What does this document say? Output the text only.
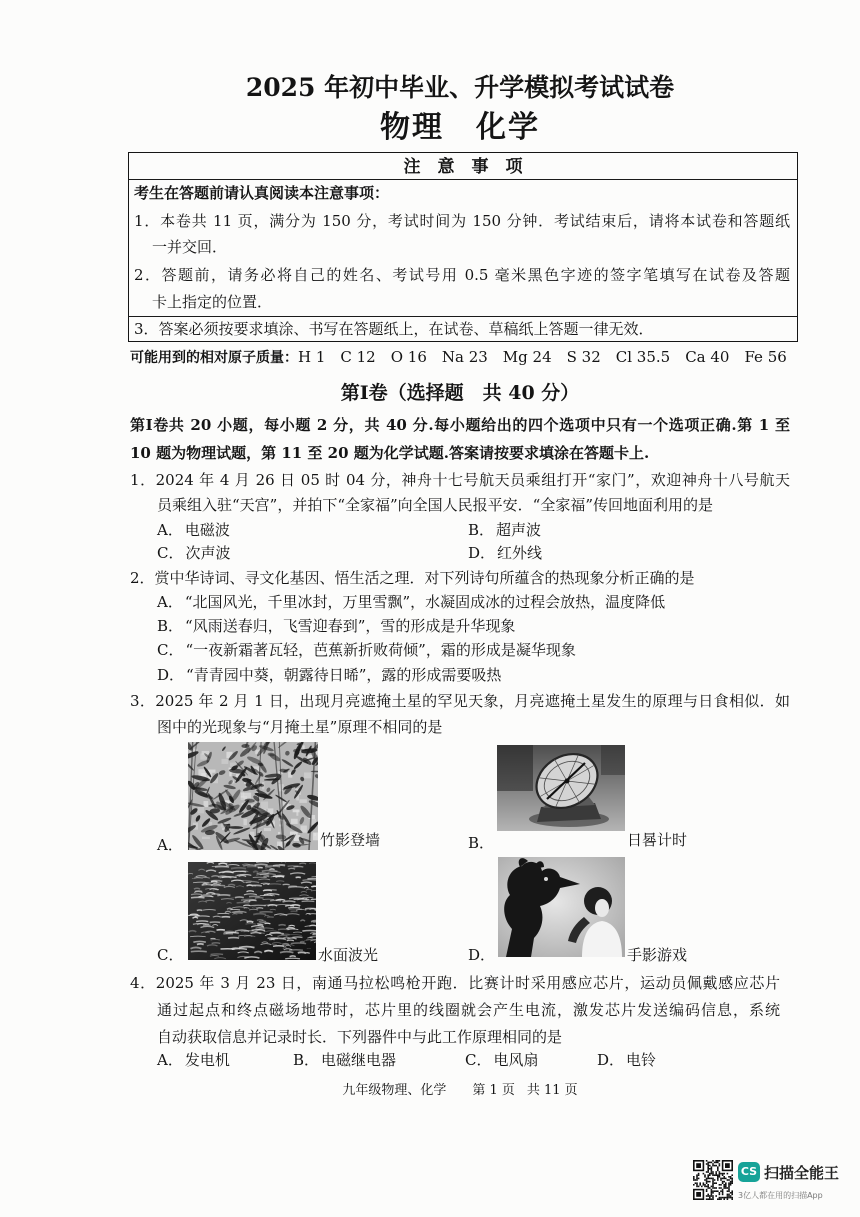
2025 年初中毕业、升学模拟考试试卷
物理　化学
注　意　事　项
考生在答题前请认真阅读本注意事项：
1．本卷共 11 页，满分为 150 分，考试时间为 150 分钟．考试结束后，请将本试卷和答题纸
一并交回．
2．答题前，请务必将自己的姓名、考试号用 0.5 毫米黑色字迹的签字笔填写在试卷及答题
卡上指定的位置．
3．答案必须按要求填涂、书写在答题纸上，在试卷、草稿纸上答题一律无效．
可能用到的相对原子质量：H 1　C 12　O 16　Na 23　Mg 24　S 32　Cl 35.5　Ca 40　Fe 56
第Ⅰ卷（选择题　共 40 分）
第Ⅰ卷共 20 小题，每小题 2 分，共 40 分.每小题给出的四个选项中只有一个选项正确.第 1 至
10 题为物理试题，第 11 至 20 题为化学试题.答案请按要求填涂在答题卡上.
1．2024 年 4 月 26 日 05 时 04 分，神舟十七号航天员乘组打开“家门”，欢迎神舟十八号航天
员乘组入驻“天宫”，并拍下“全家福”向全国人民报平安．“全家福”传回地面利用的是
A． 电磁波	B． 超声波
C． 次声波	D． 红外线
2．赏中华诗词、寻文化基因、悟生活之理．对下列诗句所蕴含的热现象分析正确的是
A． “北国风光，千里冰封，万里雪飘”，水凝固成冰的过程会放热，温度降低
B． “风雨送春归，飞雪迎春到”，雪的形成是升华现象
C． “一夜新霜著瓦轻，芭蕉新折败荷倾”，霜的形成是凝华现象
D． “青青园中葵，朝露待日晞”，露的形成需要吸热
3．2025 年 2 月 1 日，出现月亮遮掩土星的罕见天象，月亮遮掩土星发生的原理与日食相似．如
图中的光现象与“月掩土星”原理不相同的是
A．	竹影登墙	B．	日晷计时
C．	水面波光	D．	手影游戏
4．2025 年 3 月 23 日，南通马拉松鸣枪开跑．比赛计时采用感应芯片，运动员佩戴感应芯片
通过起点和终点磁场地带时，芯片里的线圈就会产生电流，激发芯片发送编码信息，系统
自动获取信息并记录时长．下列器件中与此工作原理相同的是
A． 发电机	B． 电磁继电器	C． 电风扇	D． 电铃
九年级物理、化学 第 1 页 共 11 页
CS 扫描全能王
3亿人都在用的扫描App
